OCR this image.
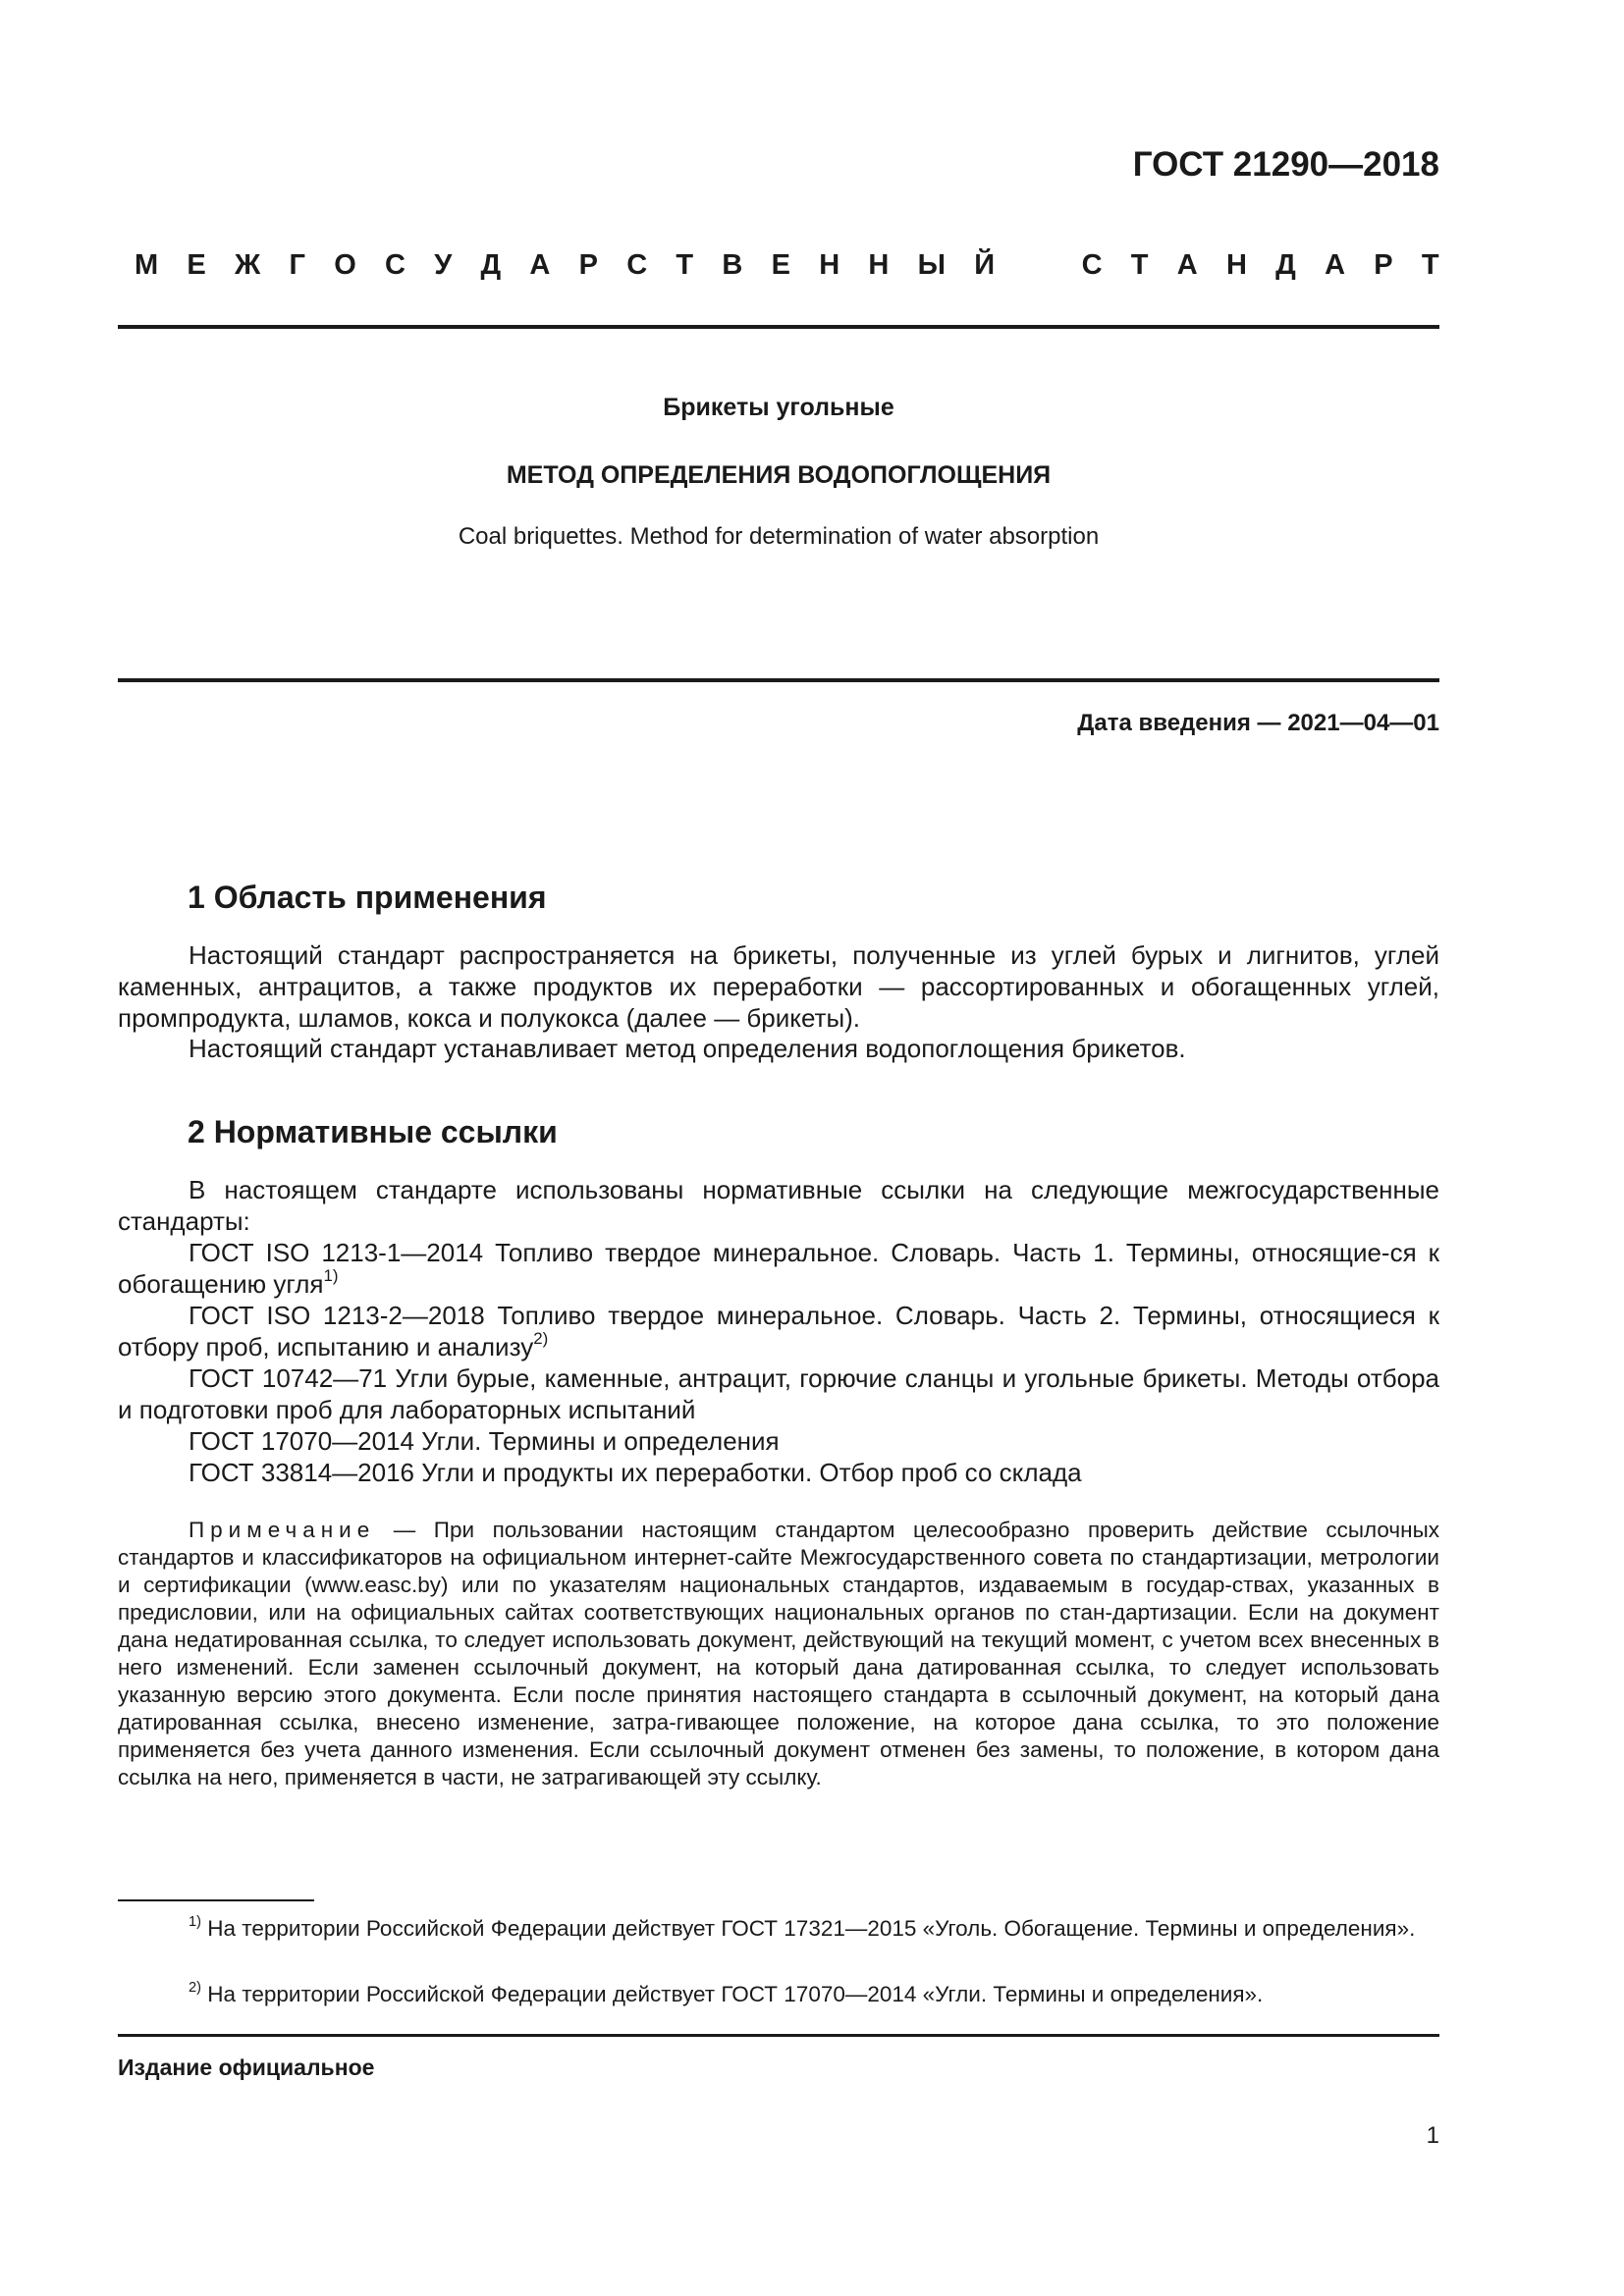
ГОСТ 21290—2018
М Е Ж Г О С У Д А Р С Т В Е Н Н Ы Й	С Т А Н Д А Р Т
Брикеты угольные
МЕТОД ОПРЕДЕЛЕНИЯ ВОДОПОГЛОЩЕНИЯ
Coal briquettes. Method for determination of water absorption
Дата введения — 2021—04—01
1 Область применения
Настоящий стандарт распространяется на брикеты, полученные из углей бурых и лигнитов, углей каменных, антрацитов, а также продуктов их переработки — рассортированных и обогащенных углей, промпродукта, шламов, кокса и полукокса (далее — брикеты).
Настоящий стандарт устанавливает метод определения водопоглощения брикетов.
2 Нормативные ссылки
В настоящем стандарте использованы нормативные ссылки на следующие межгосударственные стандарты:
ГОСТ ISO 1213-1—2014 Топливо твердое минеральное. Словарь. Часть 1. Термины, относящие-ся к обогащению угля$^{1)}$
ГОСТ ISO 1213-2—2018 Топливо твердое минеральное. Словарь. Часть 2. Термины, относящиеся к отбору проб, испытанию и анализу$^{2)}$
ГОСТ 10742—71 Угли бурые, каменные, антрацит, горючие сланцы и угольные брикеты. Методы отбора и подготовки проб для лабораторных испытаний
ГОСТ 17070—2014 Угли. Термины и определения
ГОСТ 33814—2016 Угли и продукты их переработки. Отбор проб со склада
Примечание — При пользовании настоящим стандартом целесообразно проверить действие ссылочных стандартов и классификаторов на официальном интернет-сайте Межгосударственного совета по стандартизации, метрологии и сертификации (www.easc.by) или по указателям национальных стандартов, издаваемым в государ-ствах, указанных в предисловии, или на официальных сайтах соответствующих национальных органов по стан-дартизации. Если на документ дана недатированная ссылка, то следует использовать документ, действующий на текущий момент, с учетом всех внесенных в него изменений. Если заменен ссылочный документ, на который дана датированная ссылка, то следует использовать указанную версию этого документа. Если после принятия настоящего стандарта в ссылочный документ, на который дана датированная ссылка, внесено изменение, затра-гивающее положение, на которое дана ссылка, то это положение применяется без учета данного изменения. Если ссылочный документ отменен без замены, то положение, в котором дана ссылка на него, применяется в части, не затрагивающей эту ссылку.
$^{1)}$ На территории Российской Федерации действует ГОСТ 17321—2015 «Уголь. Обогащение. Термины и определения».
$^{2)}$ На территории Российской Федерации действует ГОСТ 17070—2014 «Угли. Термины и определения».
Издание официальное
1
